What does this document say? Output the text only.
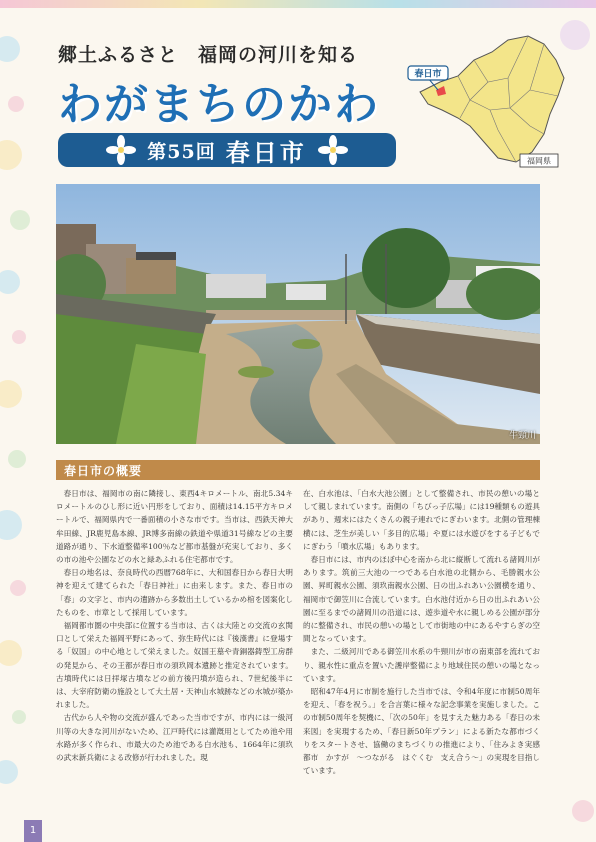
郷土ふるさと　福岡の河川を知る
わがまちのかわ
第55回 春日市
春日市
福岡県
牛頸川
春日市の概要

春日市は、福岡市の南に隣接し、東西4キロメートル、南北5.34キロメートルのひし形に近い円形をしており、面積は14.15平方キロメートルで、福岡県内で一番面積の小さな市です。当市は、西鉄天神大牟田線、JR鹿児島本線、JR博多南線の鉄道や県道31号線などの主要道路が通り、下水道整備率100％など都市基盤が充実しており、多くの市の池や公園などの水と緑あふれる住宅都市です。

春日の地名は、奈良時代の西暦768年に、大和国春日から春日大明神を迎えて建てられた「春日神社」に由来します。また、春日市の「春」の文字と、市内の遺跡から多数出土しているかめ棺を図案化したものを、市章として採用しています。

福岡都市圏の中央部に位置する当市は、古くは大陸との交流の玄関口として栄えた福岡平野にあって、弥生時代には『後漢書』に登場する「奴国」の中心地として栄えました。奴国王墓や青銅器鋳型工房群の発見から、その王都が春日市の須玖岡本遺跡と推定されています。古墳時代には日拝塚古墳などの前方後円墳が造られ、7世紀後半には、大宰府防衛の施設として大土居・天神山水城跡などの水城が築かれました。

古代から人や物の交流が盛んであった当市ですが、市内には一級河川等の大きな河川がないため、江戸時代には灌漑用としてため池や用水路が多く作られ、市最大のため池である白水池も、1664年に須玖の武末新兵衛による改修が行われました。現

在、白水池は、「白水大池公園」として整備され、市民の憩いの場として親しまれています。南側の「ちびっ子広場」には19種類もの遊具があり、週末にはたくさんの親子連れでにぎわいます。北側の管理棟横には、芝生が美しい「多目的広場」や夏には水遊びをする子どもでにぎわう「噴水広場」もあります。

春日市には、市内のほぼ中心を南から北に縦断して流れる諸岡川があります。筑前三大池の一つである白水池の北側から、毛勝親水公園、昇町親水公園、須玖南親水公園、日の出ふれあい公園横を通り、福岡市で御笠川に合流しています。白水池付近から日の出ふれあい公園に至るまでの諸岡川の沿道には、遊歩道や水に親しめる公園が部分的に整備され、市民の憩いの場として市街地の中にあるやすらぎの空間となっています。

また、二級河川である御笠川水系の牛頸川が市の南東部を流れており、親水性に重点を置いた護岸整備により地域住民の憩いの場となっています。

昭和47年4月に市制を施行した当市では、令和4年度に市制50周年を迎え、「春を祝う。」を合言葉に様々な記念事業を実施しました。この市制50周年を契機に、「次の50年」を見すえた魅力ある「春日の未来図」を実現するため、「春日新50年プラン」による新たな都市づくりをスタートさせ、協働のまちづくりの推進により、「住みよき実感都市　かすが　〜つながる　はぐくむ　支え合う〜」の実現を目指しています。

1
